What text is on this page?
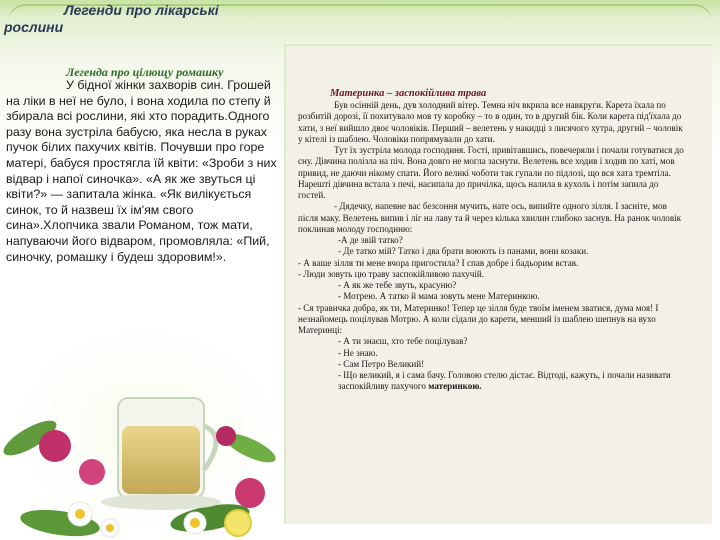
Легенди про лікарські
рослини
Легенда про цілющу ромашку

У бідної жінки захворів син. Грошей на ліки в неї не було, і вона ходила по степу й збирала всі рослини, які хто порадить.Одного разу вона зустріла бабусю, яка несла в руках пучок білих пахучих квітів. Почувши про горе матері, бабуся простягла їй квіти: «Зроби з них відвар і напої синочка». «А як же звуться ці квіти?» — запитала жінка. «Як вилікується синок, то й назвеш їх ім'ям свого сина».Хлопчика звали Романом, тож мати, напуваючи його відваром, промовляла: «Пий, синочку, ромашку і будеш здоровим!».

Материнка – заспокійлива трава

Був осінній день, дув холодний вітер. Темна ніч вкрила все навкруги. Карета їхала по розбитій дорозі, її похитувало мов ту коробку – то в один, то в другий бік. Коли карета під'їхала до хати, з неї вийшло двоє чоловіків. Перший – велетень у накидці з лисячого хутра, другий – чоловік у кітелі із шаблею. Чоловіки попрямували до хати.

Тут їх зустріла молода господиня. Гості, привітавшись, повечеряли і почали готуватися до сну. Дівчина полізла на піч. Вона довго не могла заснути. Велетень все ходив і ходив по хаті, мов привид, не даючи нікому спати. Його великі чоботи так гупали по підлозі, що вся хата тремтіла. Нарешті дівчина встала з печі, насипала до причілка, щось налила в кухоль і потім запила до гостей.

- Дядечку, напевне вас безсоння мучить, нате ось, випийте одного зілля. І засніте, мов після маку. Велетень випив і ліг на лаву та й через кілька хвилин глибоко заснув. На ранок чоловік поклинав молоду господиню:

-А де звій татко?

- Де татко мій? Татко і два брати воюють із панами, вони козаки.

- А ваше зілля ти мене вчора пригостила? І спав добре і бадьорим встав.

- Люди зовуть цю траву заспокійливою пахучій.

- А як же тебе звуть, красуню?

- Мотрею. А татко й мама зовуть мене Материнкою.

- Ся травичка добра, як ти, Материнко! Тепер це зілля буде твоїм іменем зватися, дума моя! І незнайомець поцілував Мотрю. А коли сідали до карети, менший із шаблею шепнув на вухо Материнці:

- А ти знаєш, хто тебе поцілував?

- Не знаю.

- Сам Петро Великий!

- Що великий, я і сама бачу. Головою стелю дістає. Відтоді, кажуть, і почали називати заспокійливу пахучого материнкою.
